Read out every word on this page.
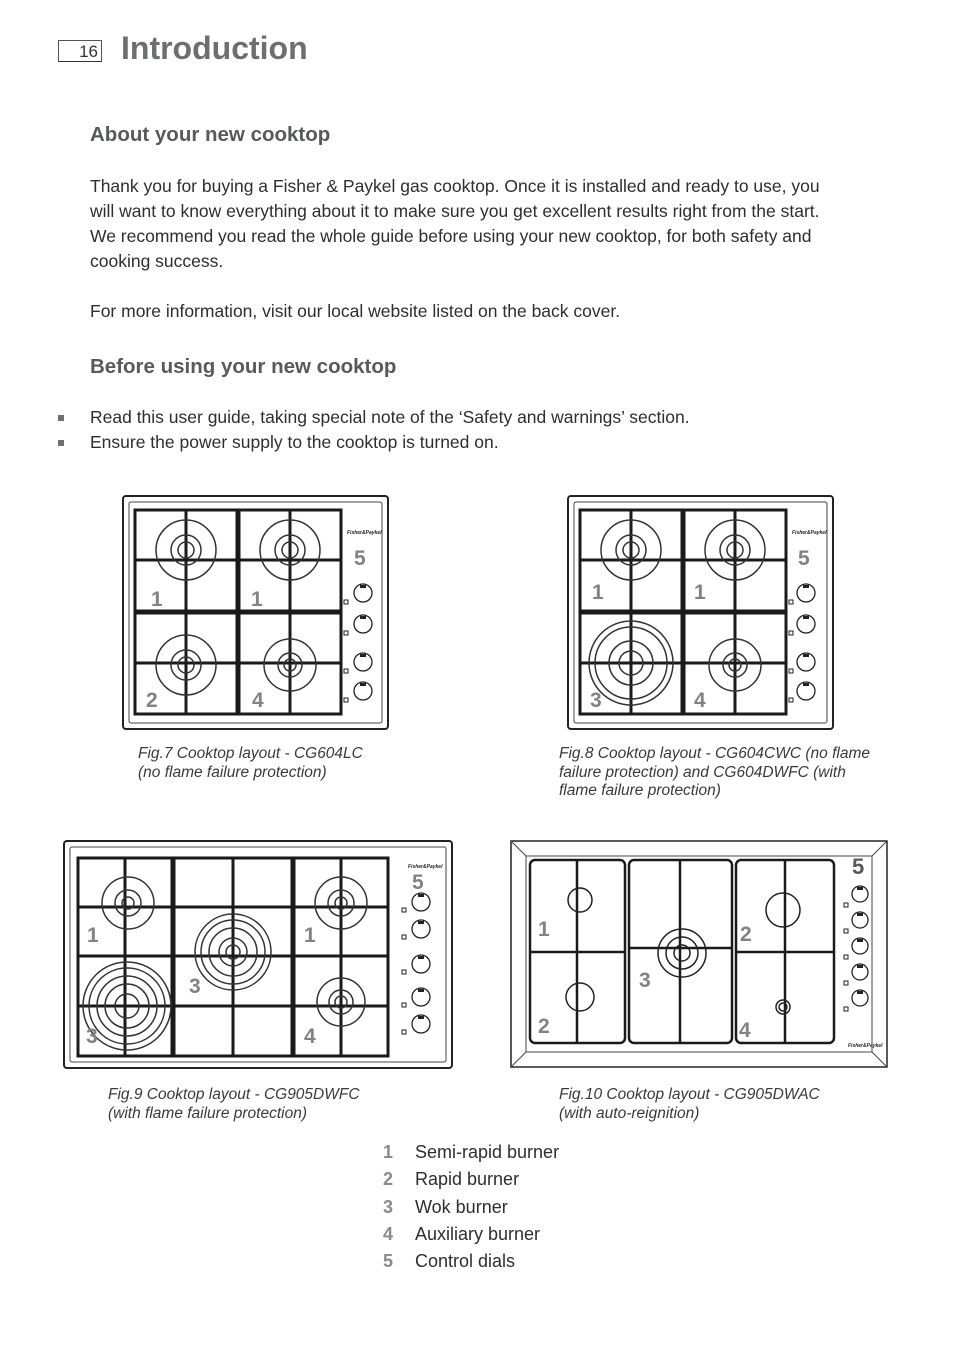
16 Introduction
About your new cooktop
Thank you for buying a Fisher & Paykel gas cooktop. Once it is installed and ready to use, you
will want to know everything about it to make sure you get excellent results right from the start.
We recommend you read the whole guide before using your new cooktop, for both safety and
cooking success.

For more information, visit our local website listed on the back cover.

Before using your new cooktop
Read this user guide, taking special note of the ‘Safety and warnings’ section.
Ensure the power supply to the cooktop is turned on.
Fisher&Paykel
5
1	1
2	4
Fisher&Paykel
5
1	1
3	4
Fisher&Paykel
5
1	1
3
3	4	Fisher&Paykel
5
1	2
3
2	4
Fig.7 Cooktop layout - CG604LC
(no flame failure protection)
Fig.8 Cooktop layout - CG604CWC (no flame
failure protection) and CG604DWFC (with
flame failure protection)
Fig.9 Cooktop layout - CG905DWFC
(with flame failure protection)
Fig.10 Cooktop layout - CG905DWAC
(with auto-reignition)
1 Semi-rapid burner
2 Rapid burner
3 Wok burner
4 Auxiliary burner
5 Control dials
